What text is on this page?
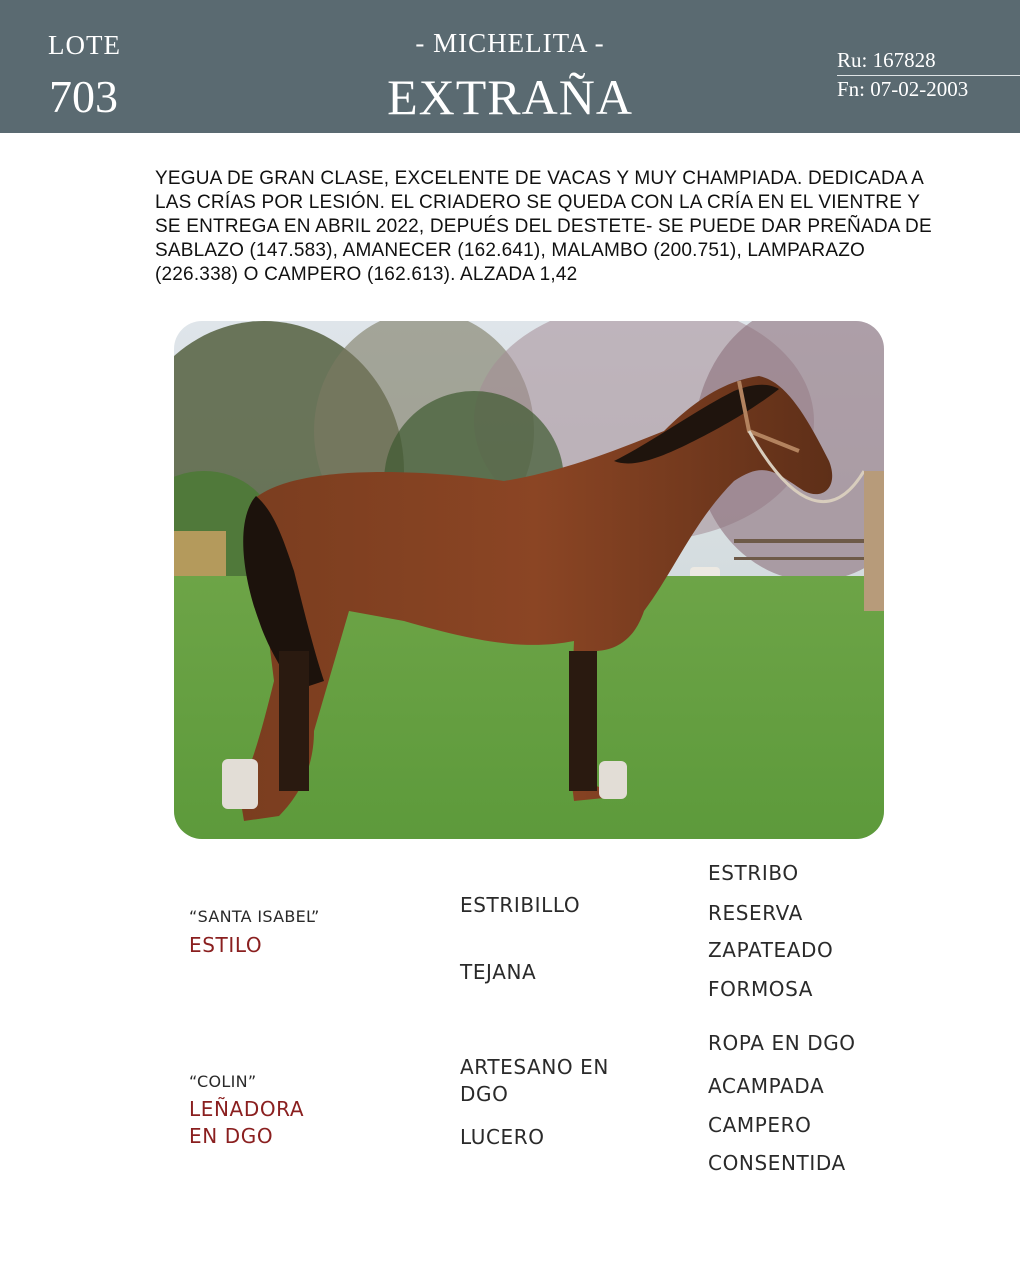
LOTE
703
- MICHELITA -
EXTRAÑA
Ru: 167828
Fn: 07-02-2003
YEGUA DE GRAN CLASE, EXCELENTE DE VACAS Y MUY CHAMPIADA. DEDICADA A LAS CRÍAS POR LESIÓN. EL CRIADERO SE QUEDA CON LA CRÍA EN EL VIENTRE Y SE ENTREGA EN ABRIL 2022, DEPUÉS DEL DESTETE- SE PUEDE DAR PREÑADA DE SABLAZO (147.583), AMANECER (162.641), MALAMBO (200.751), LAMPARAZO (226.338) O CAMPERO (162.613). ALZADA 1,42
“SANTA ISABEL”
ESTILO
“COLIN”
LEÑADORA
EN DGO
ESTRIBILLO
TEJANA
ARTESANO EN
DGO
LUCERO
ESTRIBO
RESERVA
ZAPATEADO
FORMOSA
ROPA EN DGO
ACAMPADA
CAMPERO
CONSENTIDA
